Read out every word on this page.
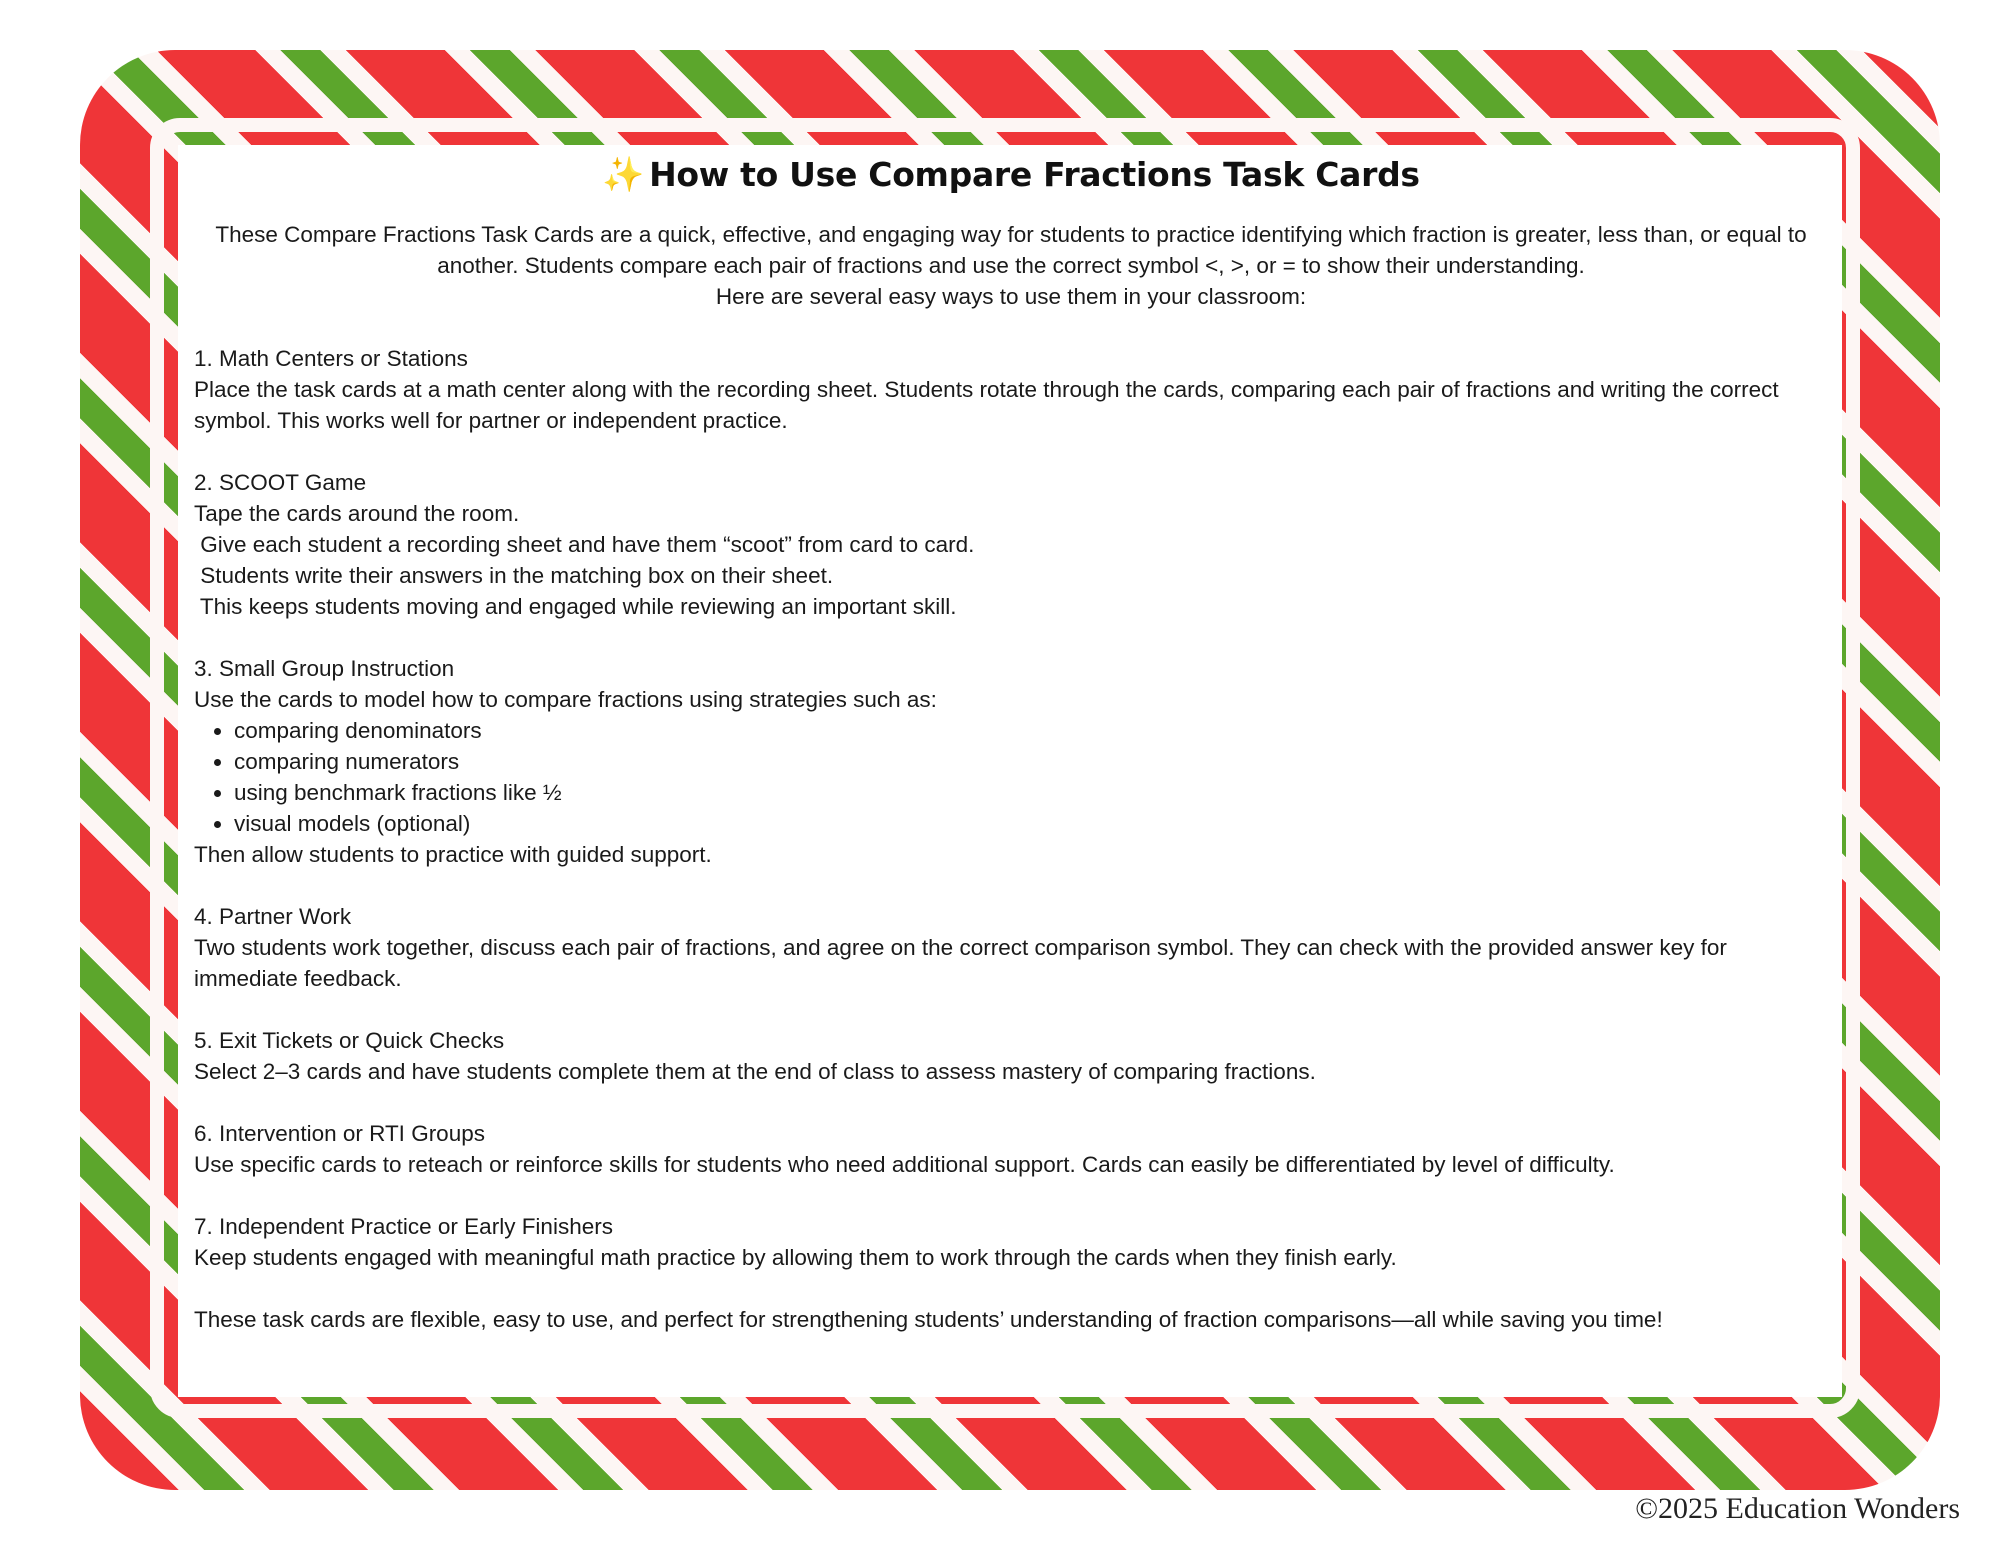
✨ How to Use Compare Fractions Task Cards

These Compare Fractions Task Cards are a quick, effective, and engaging way for students to practice identifying which fraction is greater, less than, or equal to another. Students compare each pair of fractions and use the correct symbol <, >, or = to show their understanding.

Here are several easy ways to use them in your classroom:

1. Math Centers or Stations

Place the task cards at a math center along with the recording sheet. Students rotate through the cards, comparing each pair of fractions and writing the correct symbol. This works well for partner or independent practice.

2. SCOOT Game

Tape the cards around the room.

Give each student a recording sheet and have them “scoot” from card to card.

Students write their answers in the matching box on their sheet.

This keeps students moving and engaged while reviewing an important skill.

3. Small Group Instruction

Use the cards to model how to compare fractions using strategies such as:

• comparing denominators
• comparing numerators
• using benchmark fractions like ½
• visual models (optional)

Then allow students to practice with guided support.

4. Partner Work

Two students work together, discuss each pair of fractions, and agree on the correct comparison symbol. They can check with the provided answer key for immediate feedback.

5. Exit Tickets or Quick Checks

Select 2–3 cards and have students complete them at the end of class to assess mastery of comparing fractions.

6. Intervention or RTI Groups

Use specific cards to reteach or reinforce skills for students who need additional support. Cards can easily be differentiated by level of difficulty.

7. Independent Practice or Early Finishers

Keep students engaged with meaningful math practice by allowing them to work through the cards when they finish early.

These task cards are flexible, easy to use, and perfect for strengthening students’ understanding of fraction comparisons—all while saving you time!

©2025 Education Wonders
